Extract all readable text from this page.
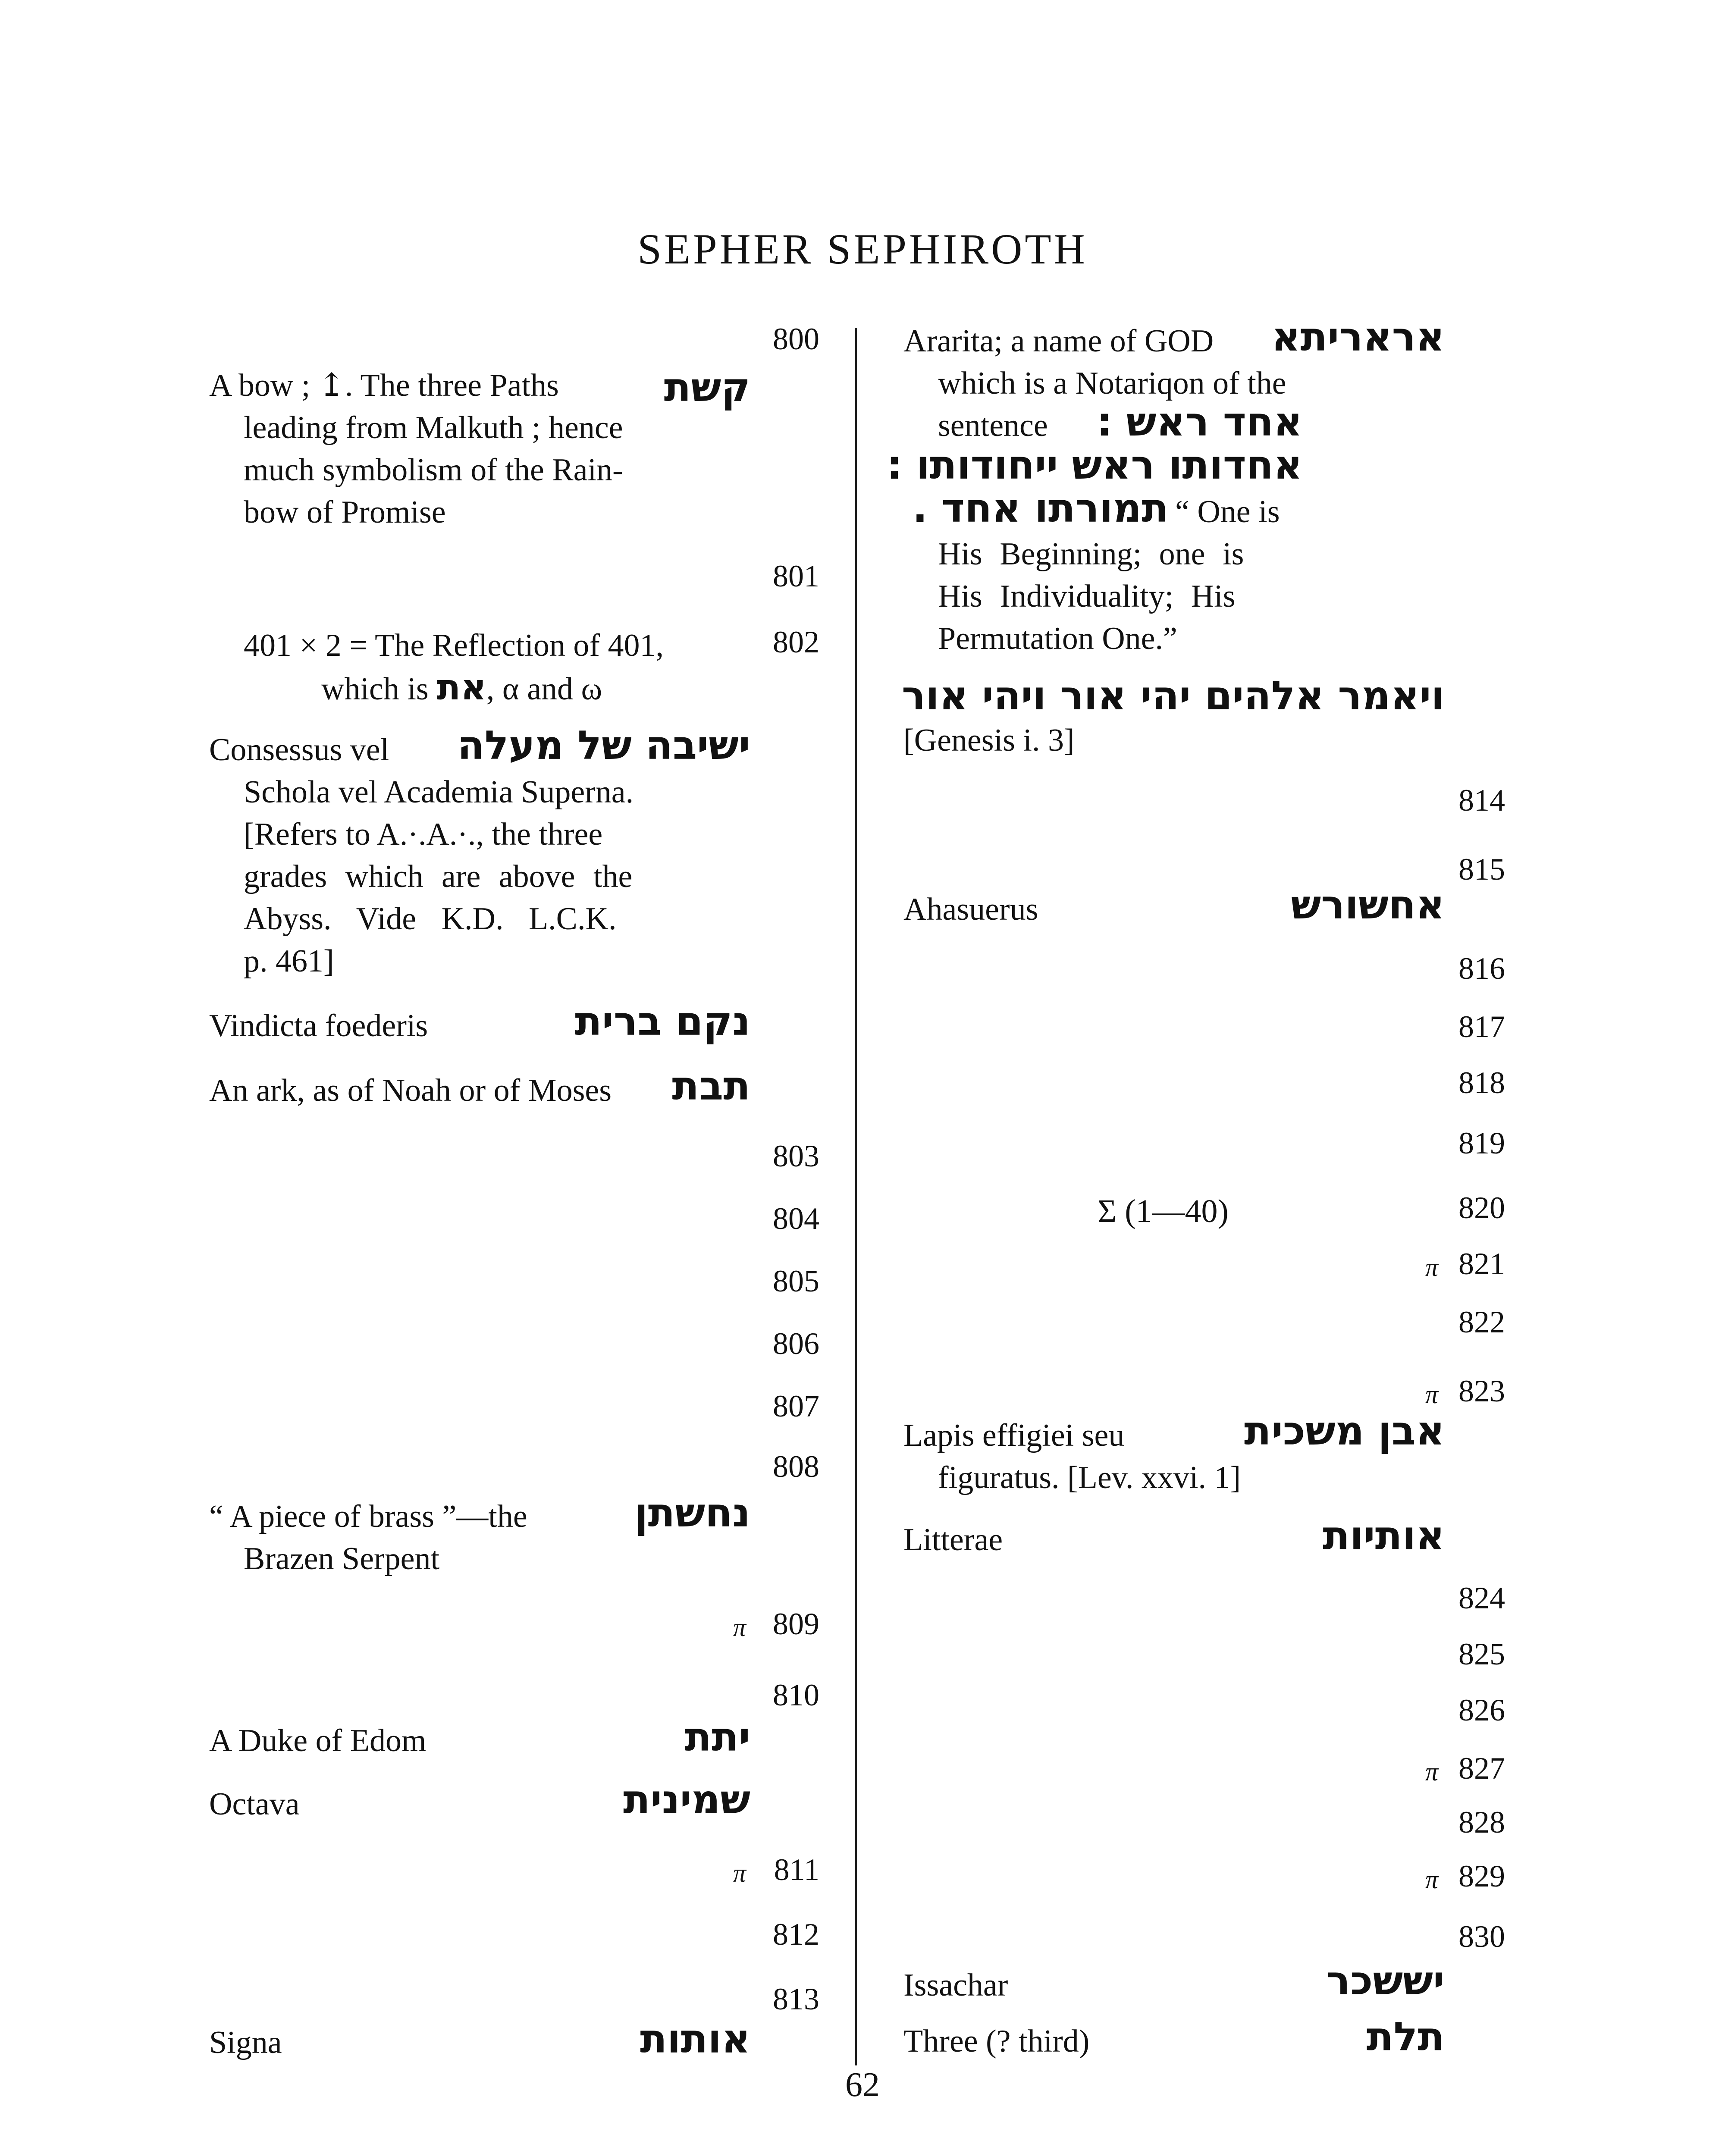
SEPHER SEPHIROTH
800
A bow ; ↥. The three Paths
leading from Malkuth ; hence
much symbolism of the Rain-
bow of Promise
קשת
801
401 × 2 = The Reflection of 401,	802
which is את, α and ω
Consessus vel ישיבה של מעלה
Schola vel Academia Superna.
[Refers to A.·.A.·., the three
grades which are above the
Abyss. Vide K.D. L.C.K.
p. 461]
Vindicta foederis	נקם ברית
An ark, as of Noah or of Moses תבת
803
804
805
806
807
808
“ A piece of brass ”—the
Brazen Serpent
נחשתן
π 809
810
A Duke of Edom	יתת
Octava	שמינית
π 811
812
813
Signa	אותות
Ararita; a name of GOD אראריתא
which is a Notariqon of the
sentence	אחד ראש :
אחדותו ראש ייחודותו :
תמורתו אחד . “ One is
His Beginning; one is
His Individuality; His
Permutation One.”
ויאמר אלהים יהי אור ויהי אור
[Genesis i. 3]
814
815
Ahasuerus	אחשורש
816
817
818
819
Σ (1—40)	820
π 821
822
π 823
Lapis effigiei seu
figuratus. [Lev. xxvi. 1]
אבן משכית
Litterae	אותיות
824
825
826
π 827
828
π 829
830
Issachar	יששכר
Three (? third)	תלת
62
